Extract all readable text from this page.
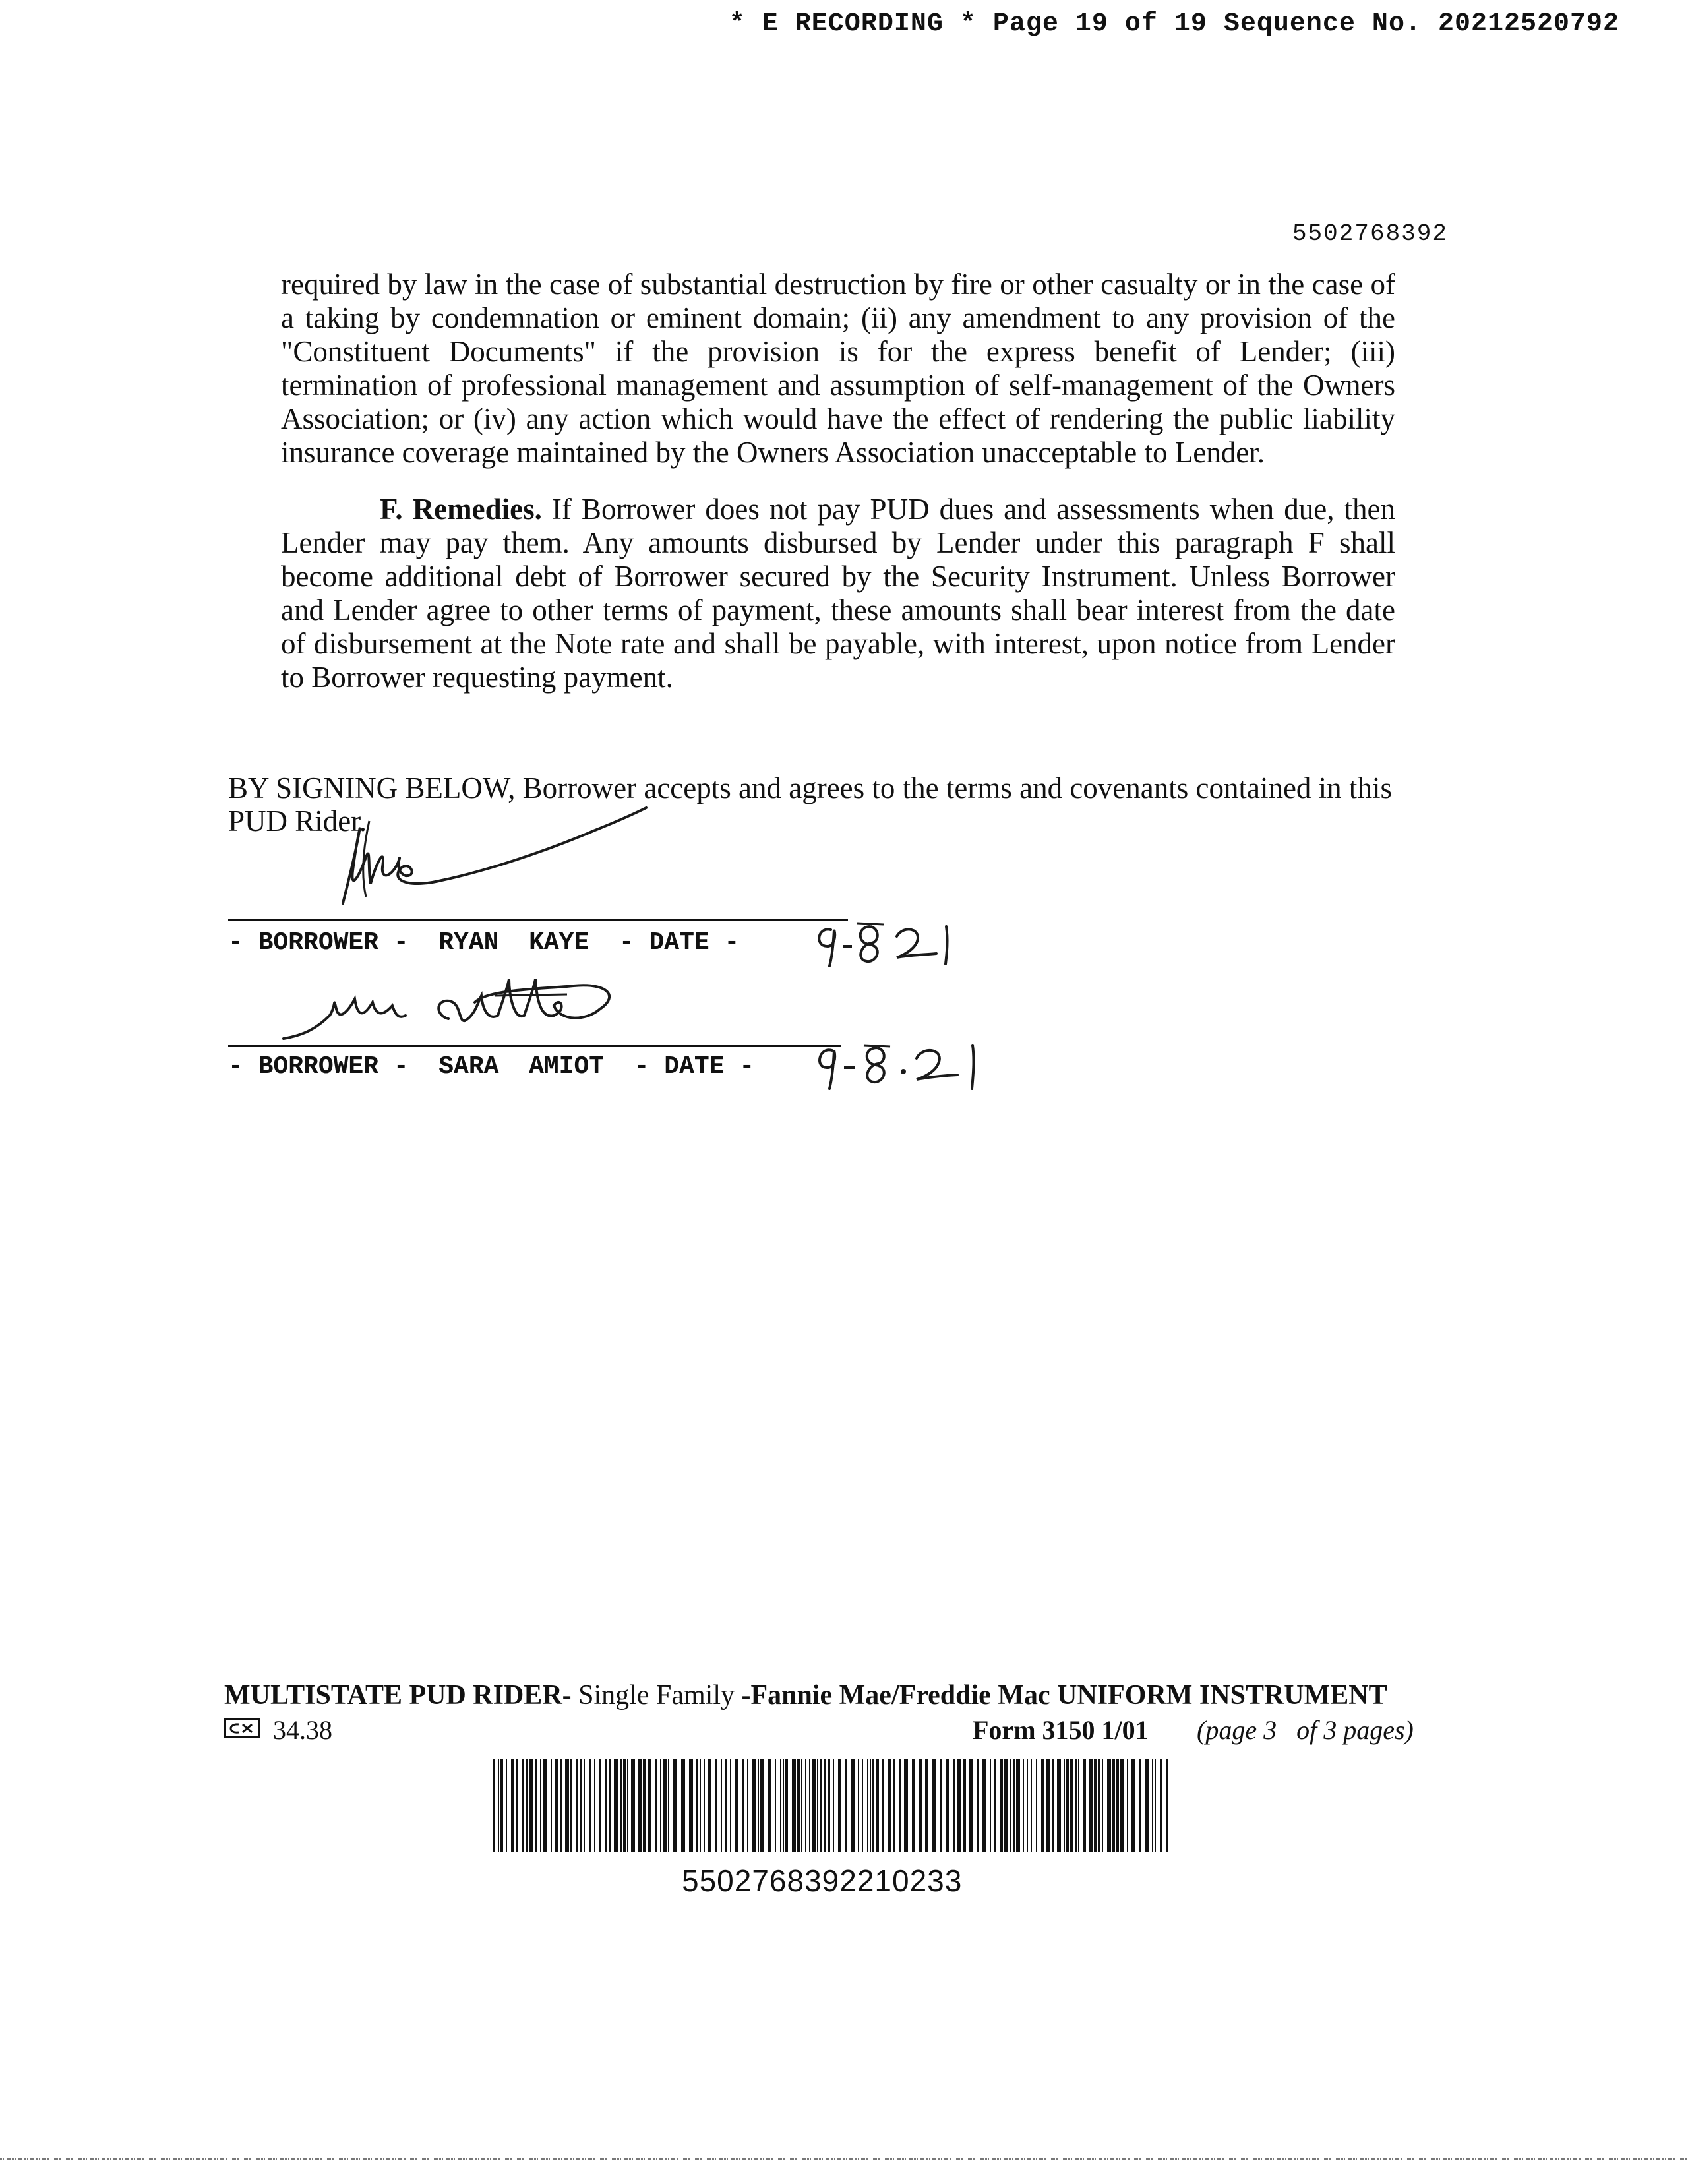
* E RECORDING * Page 19 of 19 Sequence No. 20212520792
5502768392

required by law in the case of substantial destruction by fire or other casualty or in the case of a taking by condemnation or eminent domain; (ii) any amendment to any provision of the "Constituent Documents" if the provision is for the express benefit of Lender; (iii) termination of professional management and assumption of self-management of the Owners Association; or (iv) any action which would have the effect of rendering the public liability insurance coverage maintained by the Owners Association unacceptable to Lender.

F. Remedies. If Borrower does not pay PUD dues and assessments when due, then Lender may pay them. Any amounts disbursed by Lender under this paragraph F shall become additional debt of Borrower secured by the Security Instrument. Unless Borrower and Lender agree to other terms of payment, these amounts shall bear interest from the date of disbursement at the Note rate and shall be payable, with interest, upon notice from Lender to Borrower requesting payment.

BY SIGNING BELOW, Borrower accepts and agrees to the terms and covenants contained in this PUD Rider.

- BORROWER -  RYAN  KAYE  - DATE -
- BORROWER -  SARA  AMIOT  - DATE -
MULTISTATE PUD RIDER- Single Family -Fannie Mae/Freddie Mac UNIFORM INSTRUMENT
34.38	Form 3150 1/01 (page 3   of 3 pages)
5502768392210233
